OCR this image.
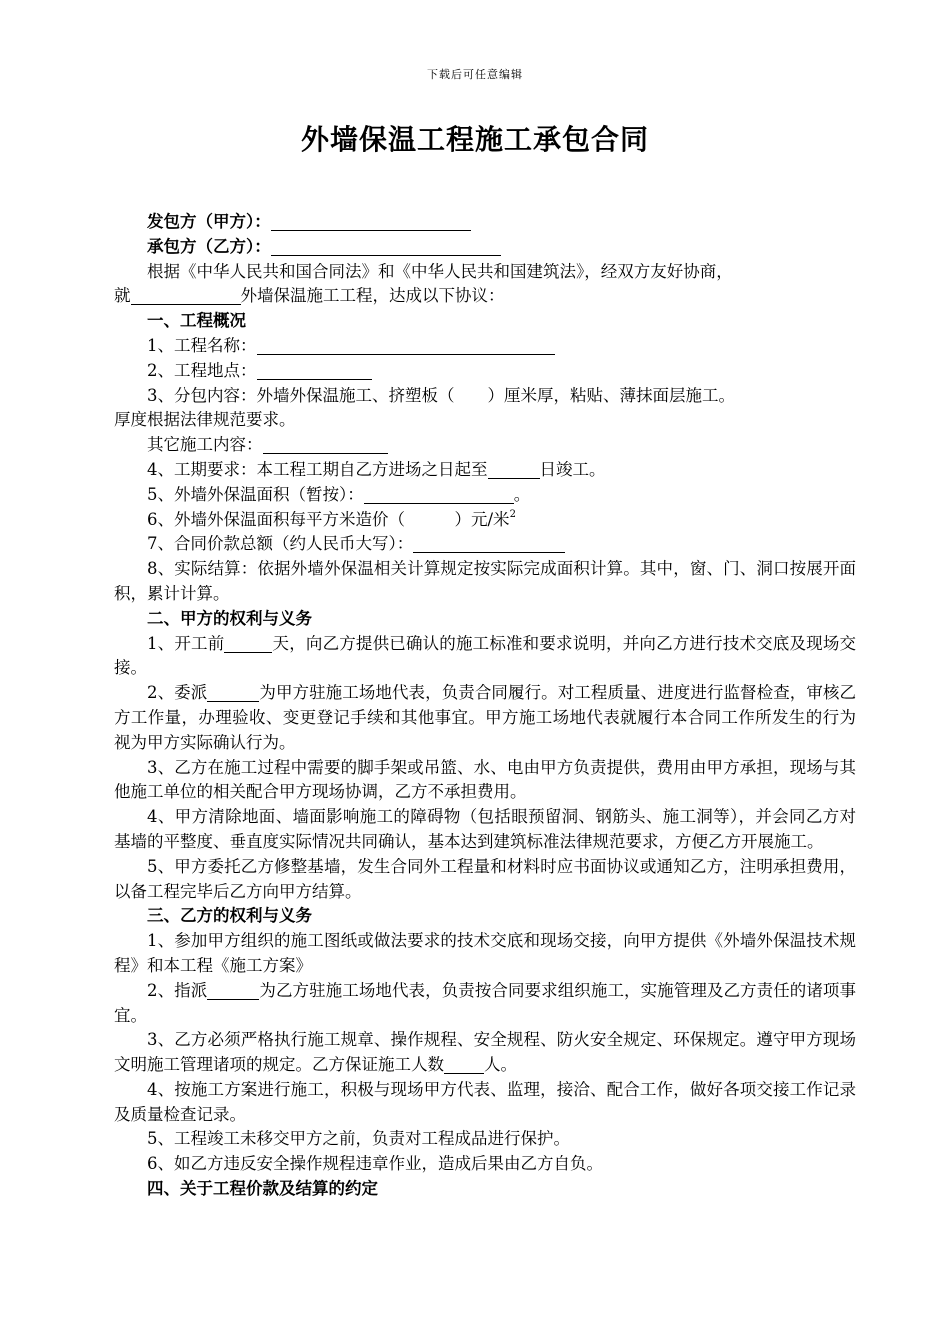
下载后可任意编辑
外墙保温工程施工承包合同

发包方（甲方）：

承包方（乙方）：

根据《中华人民共和国合同法》和《中华人民共和国建筑法》，经双方友好协商，

就	外墙保温施工工程，达成以下协议：

一、工程概况

1、工程名称：

2、工程地点：

3、分包内容：外墙外保温施工、挤塑板（　　）厘米厚，粘贴、薄抹面层施工。

厚度根据法律规范要求。

其它施工内容：

4、工期要求：本工程工期自乙方进场之日起至	日竣工。

5、外墙外保温面积（暂按）：	。

6、外墙外保温面积每平方米造价（　　　）元/米$^2$

7、合同价款总额（约人民币大写）：

8、实际结算：依据外墙外保温相关计算规定按实际完成面积计算。其中，窗、门、洞口按展开面积，累计计算。

二、甲方的权利与义务

1、开工前	天，向乙方提供已确认的施工标准和要求说明，并向乙方进行技术交底及现场交接。

2、委派	为甲方驻施工场地代表，负责合同履行。对工程质量、进度进行监督检查，审核乙方工作量，办理验收、变更登记手续和其他事宜。甲方施工场地代表就履行本合同工作所发生的行为视为甲方实际确认行为。

3、乙方在施工过程中需要的脚手架或吊篮、水、电由甲方负责提供，费用由甲方承担，现场与其他施工单位的相关配合甲方现场协调，乙方不承担费用。

4、甲方清除地面、墙面影响施工的障碍物（包括眼预留洞、钢筋头、施工洞等），并会同乙方对基墙的平整度、垂直度实际情况共同确认，基本达到建筑标准法律规范要求，方便乙方开展施工。

5、甲方委托乙方修整基墙，发生合同外工程量和材料时应书面协议或通知乙方，注明承担费用，以备工程完毕后乙方向甲方结算。

三、乙方的权利与义务

1、参加甲方组织的施工图纸或做法要求的技术交底和现场交接，向甲方提供《外墙外保温技术规程》和本工程《施工方案》

2、指派	为乙方驻施工场地代表，负责按合同要求组织施工，实施管理及乙方责任的诸项事宜。

3、乙方必须严格执行施工规章、操作规程、安全规程、防火安全规定、环保规定。遵守甲方现场文明施工管理诸项的规定。乙方保证施工人数 人。

4、按施工方案进行施工，积极与现场甲方代表、监理，接洽、配合工作，做好各项交接工作记录及质量检查记录。

5、工程竣工未移交甲方之前，负责对工程成品进行保护。

6、如乙方违反安全操作规程违章作业，造成后果由乙方自负。

四、关于工程价款及结算的约定
